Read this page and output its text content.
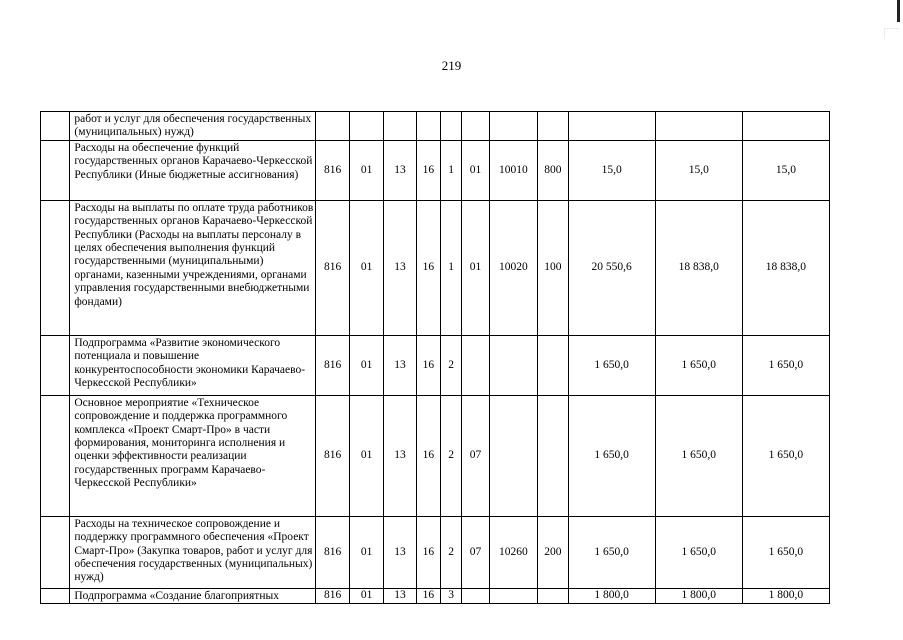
219
	работ и услуг для обеспечения государственных (муниципальных) нужд)											
	Расходы на обеспечение функций государственных органов Карачаево-Черкесской Республики (Иные бюджетные ассигнования)	816	01	13	16	1	01	10010	800	15,0	15,0	15,0
	Расходы на выплаты по оплате труда работников государственных органов Карачаево-Черкесской Республики (Расходы на выплаты персоналу в целях обеспечения выполнения функций государственными (муниципальными) органами, казенными учреждениями, органами управления государственными внебюджетными фондами)	816	01	13	16	1	01	10020	100	20 550,6	18 838,0	18 838,0
	Подпрограмма «Развитие экономического потенциала и повышение конкурентоспособности экономики Карачаево-Черкесской Республики»	816	01	13	16	2				1 650,0	1 650,0	1 650,0
	Основное мероприятие «Техническое сопровождение и поддержка программного комплекса «Проект Смарт-Про» в части формирования, мониторинга исполнения и оценки эффективности реализации государственных программ Карачаево-Черкесской Республики»	816	01	13	16	2	07			1 650,0	1 650,0	1 650,0
	Расходы на техническое сопровождение и поддержку программного обеспечения «Проект Смарт-Про» (Закупка товаров, работ и услуг для обеспечения государственных (муниципальных) нужд)	816	01	13	16	2	07	10260	200	1 650,0	1 650,0	1 650,0
	Подпрограмма «Создание благоприятных	816	01	13	16	3				1 800,0	1 800,0	1 800,0
